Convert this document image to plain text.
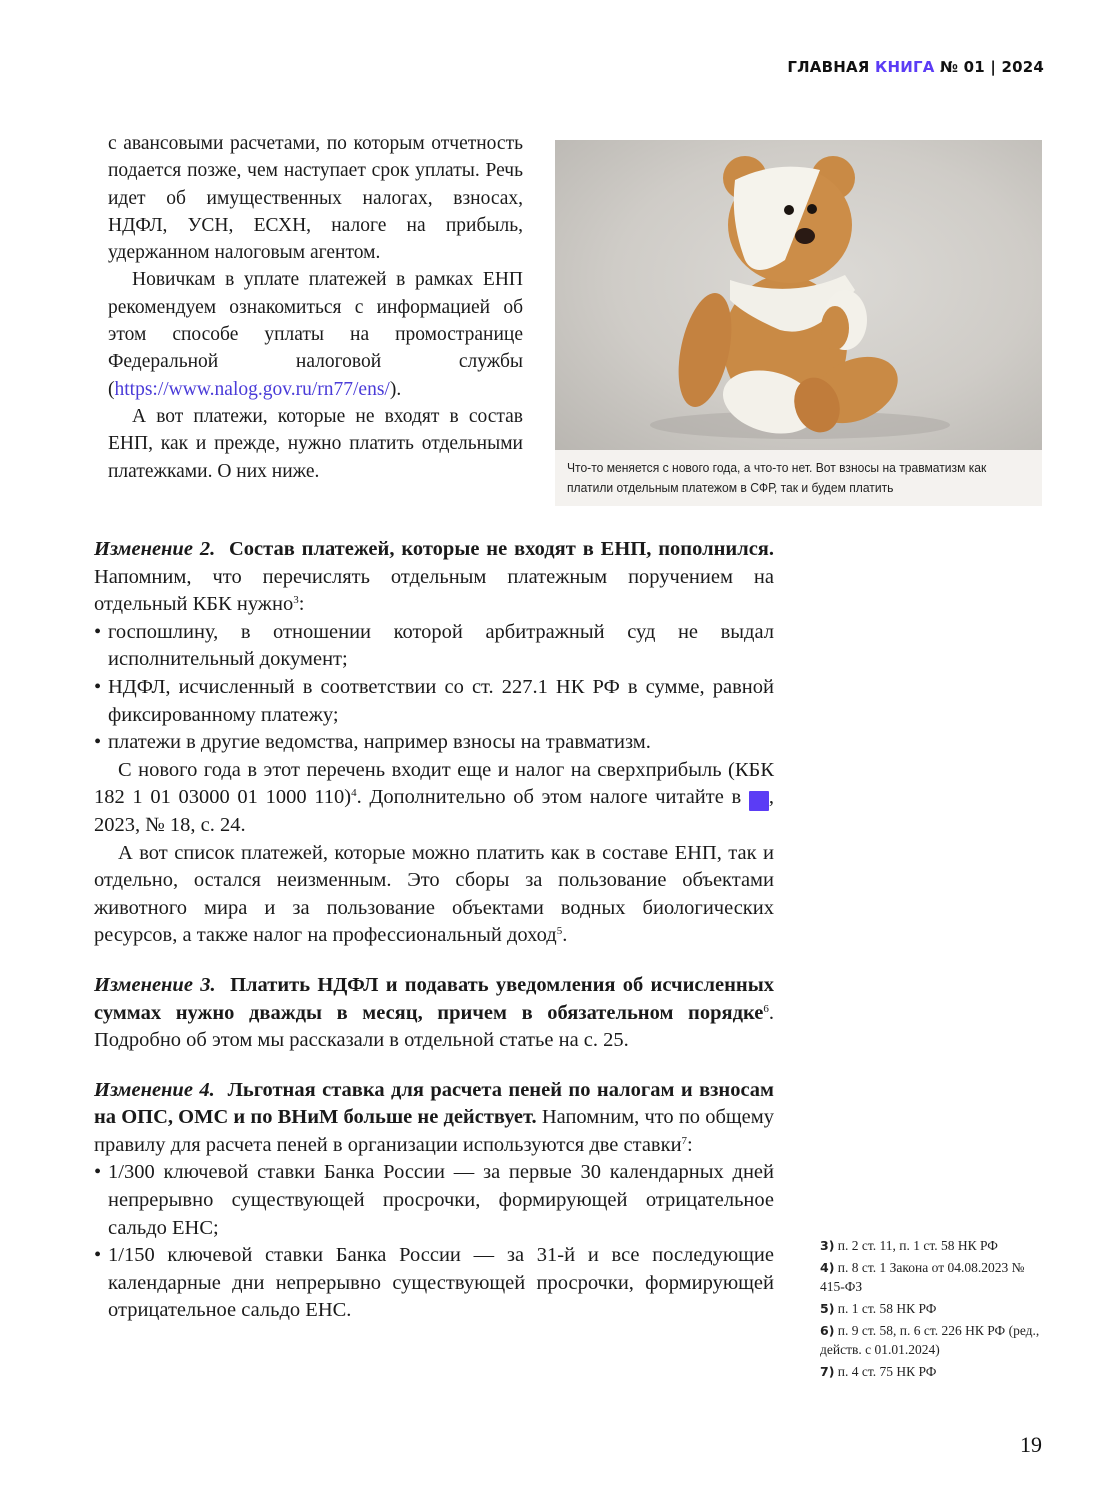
ГЛАВНАЯ КНИГА № 01 | 2024

с авансовыми расчетами, по которым отчетность подается позже, чем наступает срок уплаты. Речь идет об имущественных налогах, взносах, НДФЛ, УСН, ЕСХН, налоге на прибыль, удержанном налоговым агентом.

Новичкам в уплате платежей в рамках ЕНП рекомендуем ознакомиться с информацией об этом способе уплаты на промостранице Федеральной налоговой службы (https://www.nalog.gov.ru/rn77/ens/).

А вот платежи, которые не входят в состав ЕНП, как и прежде, нужно платить отдельными платежками. О них ниже.	Что-то меняется с нового года, а что-то нет. Вот взносы на травматизм как платили отдельным платежом в СФР, так и будем платить

Изменение 2. Состав платежей, которые не входят в ЕНП, пополнился. Напомним, что перечислять отдельным платежным поручением на отдельный КБК нужно$^3$:

• госпошлину, в отношении которой арбитражный суд не выдал исполнительный документ;
• НДФЛ, исчисленный в соответствии со ст. 227.1 НК РФ в сумме, равной фиксированному платежу;
• платежи в другие ведомства, например взносы на травматизм.

С нового года в этот перечень входит еще и налог на сверхприбыль (КБК 182 1 01 03000 01 1000 110)$^4$. Дополнительно об этом налоге читайте в	Гк, 2023, № 18, с. 24.

А вот список платежей, которые можно платить как в составе ЕНП, так и отдельно, остался неизменным. Это сборы за пользование объектами животного мира и за пользование объектами водных биологических ресурсов, а также налог на профессиональный доход$^5$.

Изменение 3. Платить НДФЛ и подавать уведомления об исчисленных суммах нужно дважды в месяц, причем в обязательном порядке$^6$. Подробно об этом мы рассказали в отдельной статье на с. 25.

Изменение 4. Льготная ставка для расчета пеней по налогам и взносам на ОПС, ОМС и по ВНиМ больше не действует. Напомним, что по общему правилу для расчета пеней в организации используются две ставки$^7$:

• 1/300 ключевой ставки Банка России — за первые 30 календарных дней непрерывно существующей просрочки, формирующей отрицательное сальдо ЕНС;
• 1/150 ключевой ставки Банка России — за 31-й и все последующие календарные дни непрерывно существующей просрочки, формирующей отрицательное сальдо ЕНС.
3) п. 2 ст. 11, п. 1 ст. 58 НК РФ
4) п. 8 ст. 1 Закона от 04.08.2023 № 415-ФЗ
5) п. 1 ст. 58 НК РФ
6) п. 9 ст. 58, п. 6 ст. 226 НК РФ (ред., действ. с 01.01.2024)
7) п. 4 ст. 75 НК РФ
19
